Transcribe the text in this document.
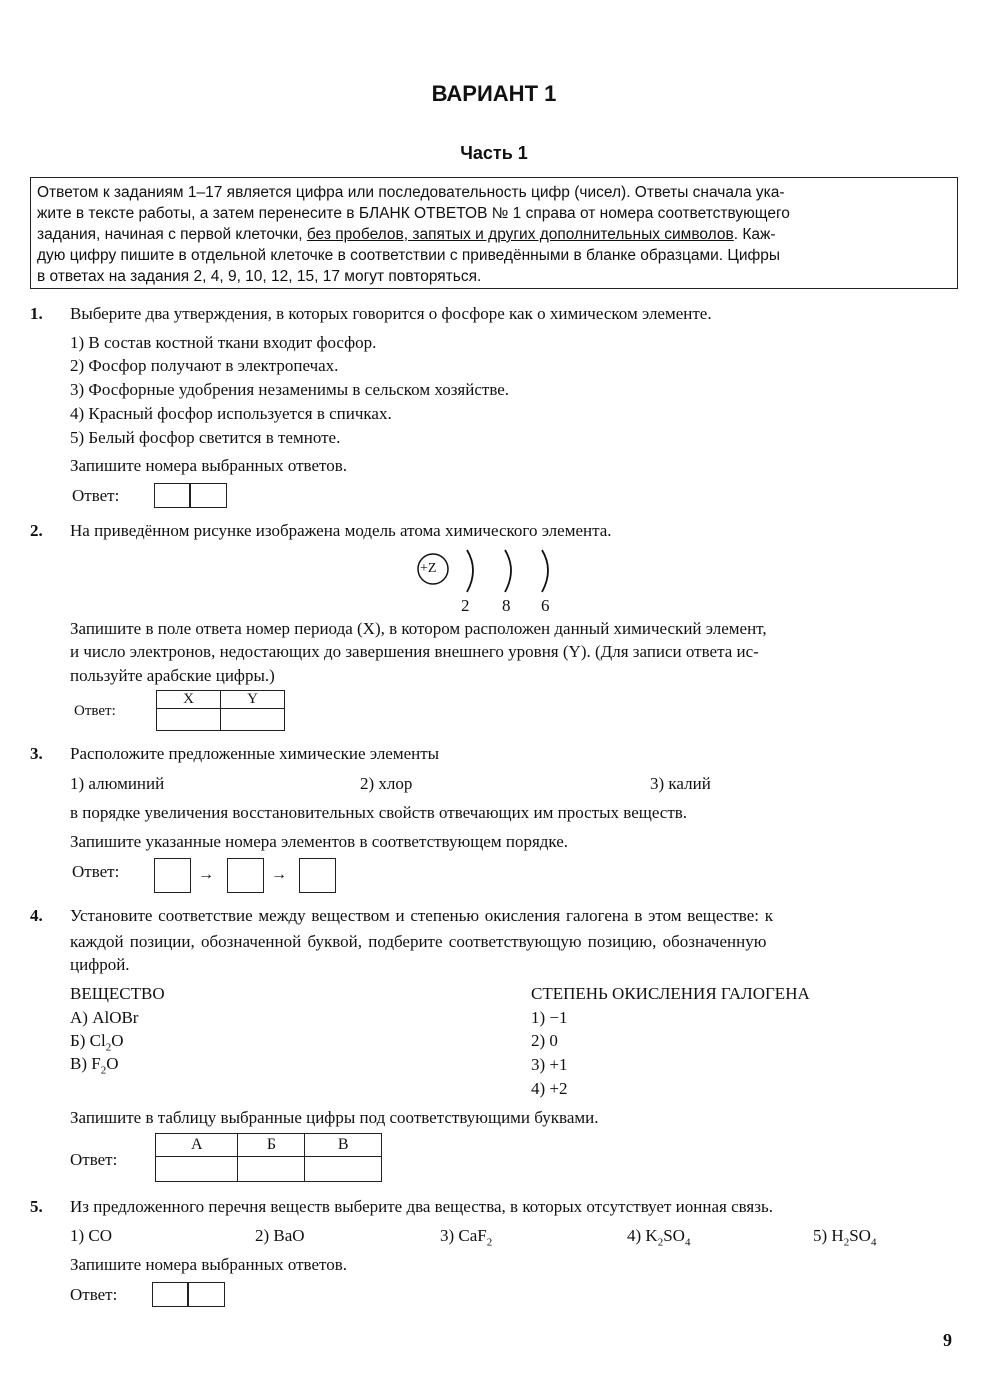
ВАРИАНТ 1
Часть 1
Ответом к заданиям 1–17 является цифра или последовательность цифр (чисел). Ответы сначала ука-
жите в тексте работы, а затем перенесите в БЛАНК ОТВЕТОВ № 1 справа от номера соответствующего
задания, начиная с первой клеточки, без пробелов, запятых и других дополнительных символов. Каж-
дую цифру пишите в отдельной клеточке в соответствии с приведёнными в бланке образцами. Цифры
в ответах на задания 2, 4, 9, 10, 12, 15, 17 могут повторяться.
1. Выберите два утверждения, в которых говорится о фосфоре как о химическом элементе.
1) В состав костной ткани входит фосфор.
2) Фосфор получают в электропечах.
3) Фосфорные удобрения незаменимы в сельском хозяйстве.
4) Красный фосфор используется в спичках.
5) Белый фосфор светится в темноте.
Запишите номера выбранных ответов.
Ответ:
2. На приведённом рисунке изображена модель атома химического элемента.
+Z
2 8 6
Запишите в поле ответа номер периода (X), в котором расположен данный химический элемент,
и число электронов, недостающих до завершения внешнего уровня (Y). (Для записи ответа ис-
пользуйте арабские цифры.)
Ответ:
X	Y

3. Расположите предложенные химические элементы
1) алюминий	2) хлор	3) калий
в порядке увеличения восстановительных свойств отвечающих им простых веществ.
Запишите указанные номера элементов в соответствующем порядке.
Ответ:	→	→
4. Установите соответствие между веществом и степенью окисления галогена в этом веществе: к
каждой позиции, обозначенной буквой, подберите соответствующую позицию, обозначенную
цифрой.
ВЕЩЕСТВО	СТЕПЕНЬ ОКИСЛЕНИЯ ГАЛОГЕНА
А) AlOBr
Б) $Cl_2O$
В) $F_2O$
1) −1
2) 0
3) +1
4) +2
Запишите в таблицу выбранные цифры под соответствующими буквами.
Ответ:
А	Б	В

5. Из предложенного перечня веществ выберите два вещества, в которых отсутствует ионная связь.
1) CO	2) BaO	3) CaF$_2$	4) $K_2SO_4$	5) $H_2SO_4$
Запишите номера выбранных ответов.
Ответ:
9
